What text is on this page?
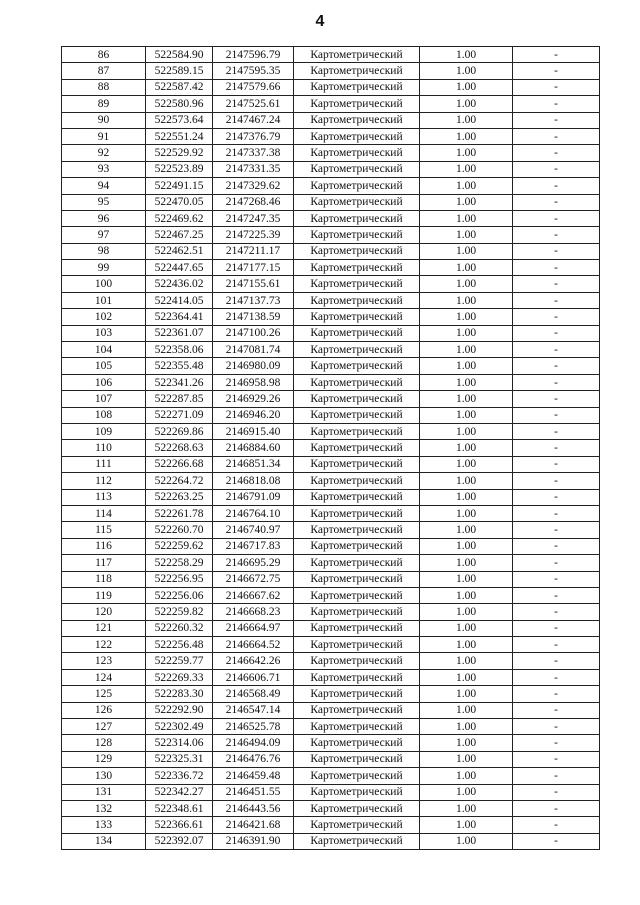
4
86	522584.90	2147596.79	Картометрический	1.00	-
87	522589.15	2147595.35	Картометрический	1.00	-
88	522587.42	2147579.66	Картометрический	1.00	-
89	522580.96	2147525.61	Картометрический	1.00	-
90	522573.64	2147467.24	Картометрический	1.00	-
91	522551.24	2147376.79	Картометрический	1.00	-
92	522529.92	2147337.38	Картометрический	1.00	-
93	522523.89	2147331.35	Картометрический	1.00	-
94	522491.15	2147329.62	Картометрический	1.00	-
95	522470.05	2147268.46	Картометрический	1.00	-
96	522469.62	2147247.35	Картометрический	1.00	-
97	522467.25	2147225.39	Картометрический	1.00	-
98	522462.51	2147211.17	Картометрический	1.00	-
99	522447.65	2147177.15	Картометрический	1.00	-
100	522436.02	2147155.61	Картометрический	1.00	-
101	522414.05	2147137.73	Картометрический	1.00	-
102	522364.41	2147138.59	Картометрический	1.00	-
103	522361.07	2147100.26	Картометрический	1.00	-
104	522358.06	2147081.74	Картометрический	1.00	-
105	522355.48	2146980.09	Картометрический	1.00	-
106	522341.26	2146958.98	Картометрический	1.00	-
107	522287.85	2146929.26	Картометрический	1.00	-
108	522271.09	2146946.20	Картометрический	1.00	-
109	522269.86	2146915.40	Картометрический	1.00	-
110	522268.63	2146884.60	Картометрический	1.00	-
111	522266.68	2146851.34	Картометрический	1.00	-
112	522264.72	2146818.08	Картометрический	1.00	-
113	522263.25	2146791.09	Картометрический	1.00	-
114	522261.78	2146764.10	Картометрический	1.00	-
115	522260.70	2146740.97	Картометрический	1.00	-
116	522259.62	2146717.83	Картометрический	1.00	-
117	522258.29	2146695.29	Картометрический	1.00	-
118	522256.95	2146672.75	Картометрический	1.00	-
119	522256.06	2146667.62	Картометрический	1.00	-
120	522259.82	2146668.23	Картометрический	1.00	-
121	522260.32	2146664.97	Картометрический	1.00	-
122	522256.48	2146664.52	Картометрический	1.00	-
123	522259.77	2146642.26	Картометрический	1.00	-
124	522269.33	2146606.71	Картометрический	1.00	-
125	522283.30	2146568.49	Картометрический	1.00	-
126	522292.90	2146547.14	Картометрический	1.00	-
127	522302.49	2146525.78	Картометрический	1.00	-
128	522314.06	2146494.09	Картометрический	1.00	-
129	522325.31	2146476.76	Картометрический	1.00	-
130	522336.72	2146459.48	Картометрический	1.00	-
131	522342.27	2146451.55	Картометрический	1.00	-
132	522348.61	2146443.56	Картометрический	1.00	-
133	522366.61	2146421.68	Картометрический	1.00	-
134	522392.07	2146391.90	Картометрический	1.00	-
